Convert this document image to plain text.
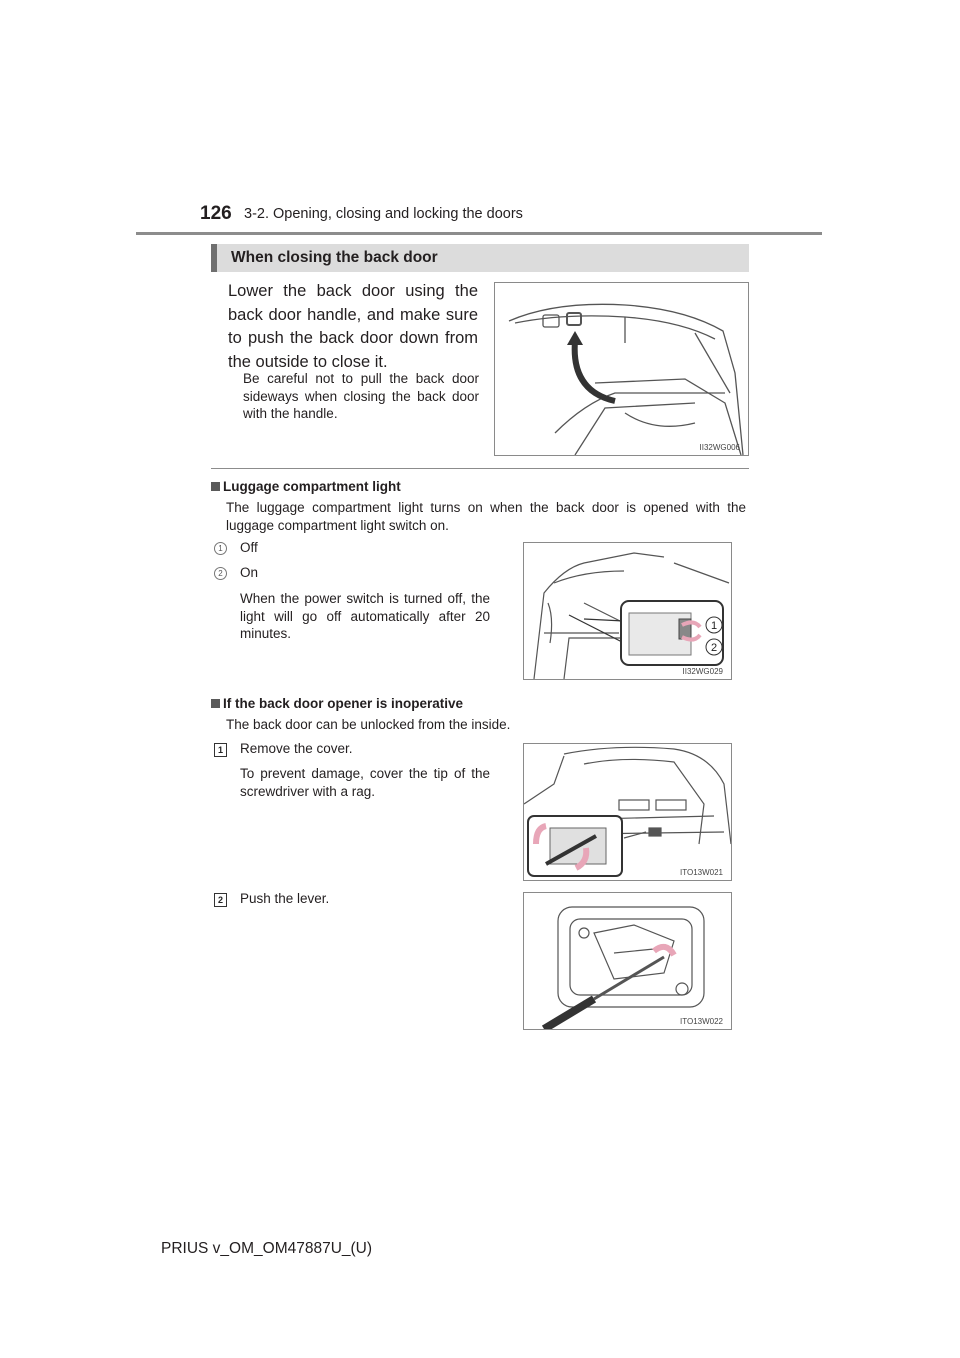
126 3-2. Opening, closing and locking the doors
When closing the back door
Lower the back door using the back door handle, and make sure to push the back door down from the outside to close it.
Be careful not to pull the back door sideways when closing the back door with the handle.
II32WG006
Luggage compartment light
The luggage compartment light turns on when the back door is opened with the luggage compartment light switch on.
1	Off
2	On
When the power switch is turned off, the light will go off automatically after 20 minutes.	1
2
II32WG029
If the back door opener is inoperative
The back door can be unlocked from the inside.
1 Remove the cover.
To prevent damage, cover the tip of the screwdriver with a rag.
ITO13W021
2 Push the lever.
ITO13W022
PRIUS v_OM_OM47887U_(U)
